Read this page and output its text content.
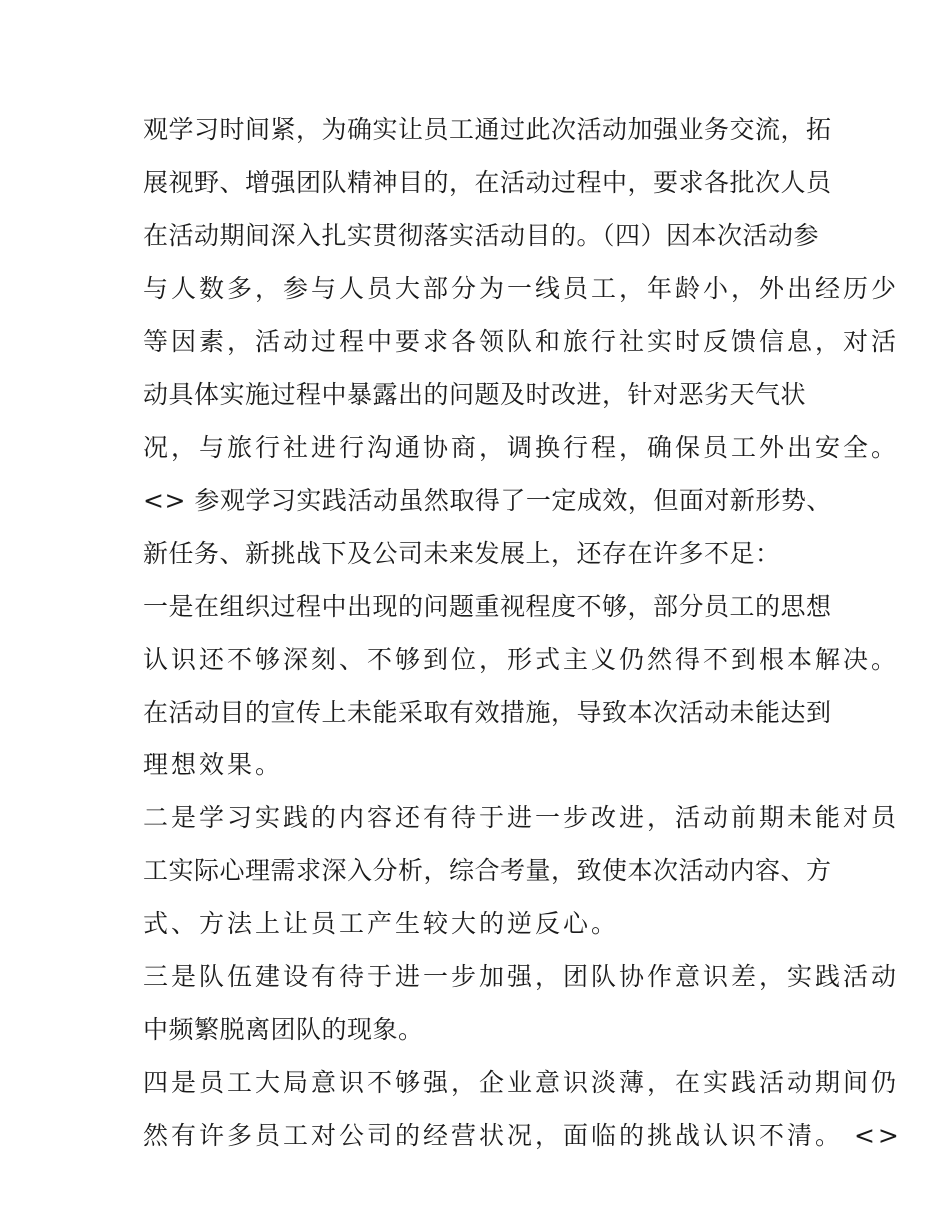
观学习时间紧，为确实让员工通过此次活动加强业务交流，拓
展视野、增强团队精神目的，在活动过程中，要求各批次人员
在活动期间深入扎实贯彻落实活动目的。（四）因本次活动参
与人数多，参与人员大部分为一线员工，年龄小，外出经历少
等因素，活动过程中要求各领队和旅行社实时反馈信息，对活
动具体实施过程中暴露出的问题及时改进，针对恶劣天气状
况，与旅行社进行沟通协商，调换行程，确保员工外出安全。
<> 参观学习实践活动虽然取得了一定成效，但面对新形势、
新任务、新挑战下及公司未来发展上，还存在许多不足：
一是在组织过程中出现的问题重视程度不够，部分员工的思想
认识还不够深刻、不够到位，形式主义仍然得不到根本解决。
在活动目的宣传上未能采取有效措施，导致本次活动未能达到
理想效果。
二是学习实践的内容还有待于进一步改进，活动前期未能对员
工实际心理需求深入分析，综合考量，致使本次活动内容、方
式、方法上让员工产生较大的逆反心。
三是队伍建设有待于进一步加强，团队协作意识差，实践活动
中频繁脱离团队的现象。
四是员工大局意识不够强，企业意识淡薄，在实践活动期间仍
然有许多员工对公司的经营状况，面临的挑战认识不清。 <>
